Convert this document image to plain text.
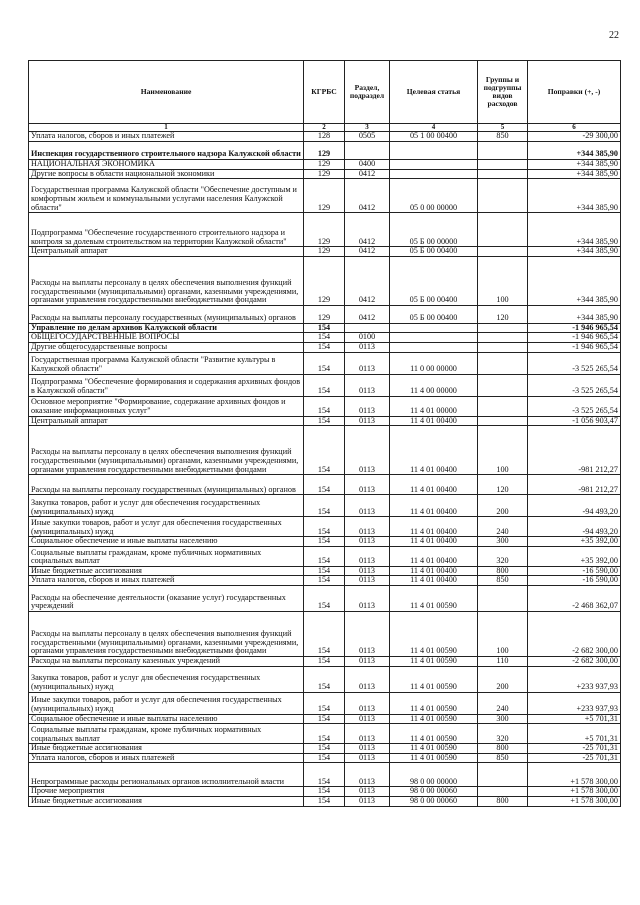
22
Наименование	КГРБС	Раздел, подраздел	Целевая статья	Группы и подгруппы видов расходов	Поправки (+, -)
1	2	3	4	5	6
Уплата налогов, сборов и иных платежей	128	0505	05 1 00 00400	850	-29 300,00
Инспекция государственного строительного надзора Калужской области	129				+344 385,90
НАЦИОНАЛЬНАЯ ЭКОНОМИКА	129	0400			+344 385,90
Другие вопросы в области национальной экономики	129	0412			+344 385,90
Государственная программа Калужской области "Обеспечение доступным и комфортным жильем и коммунальными услугами населения Калужской области"	129	0412	05 0 00 00000		+344 385,90
Подпрограмма "Обеспечение государственного строительного надзора и контроля за долевым строительством на территории Калужской области"	129	0412	05 Б 00 00000		+344 385,90
Центральный аппарат	129	0412	05 Б 00 00400		+344 385,90
Расходы на выплаты персоналу в целях обеспечения выполнения функций государственными (муниципальными) органами, казенными учреждениями, органами управления государственными внебюджетными фондами	129	0412	05 Б 00 00400	100	+344 385,90
Расходы на выплаты персоналу государственных (муниципальных) органов	129	0412	05 Б 00 00400	120	+344 385,90
Управление по делам архивов Калужской области	154				-1 946 965,54
ОБЩЕГОСУДАРСТВЕННЫЕ ВОПРОСЫ	154	0100			-1 946 965,54
Другие общегосударственные вопросы	154	0113			-1 946 965,54
Государственная программа Калужской области "Развитие культуры в Калужской области"	154	0113	11 0 00 00000		-3 525 265,54
Подпрограмма "Обеспечение формирования и содержания архивных фондов в Калужской области"	154	0113	11 4 00 00000		-3 525 265,54
Основное мероприятие "Формирование, содержание архивных фондов и оказание информационных услуг"	154	0113	11 4 01 00000		-3 525 265,54
Центральный аппарат	154	0113	11 4 01 00400		-1 056 903,47
Расходы на выплаты персоналу в целях обеспечения выполнения функций государственными (муниципальными) органами, казенными учреждениями, органами управления государственными внебюджетными фондами	154	0113	11 4 01 00400	100	-981 212,27
Расходы на выплаты персоналу государственных (муниципальных) органов	154	0113	11 4 01 00400	120	-981 212,27
Закупка товаров, работ и услуг для обеспечения государственных (муниципальных) нужд	154	0113	11 4 01 00400	200	-94 493,20
Иные закупки товаров, работ и услуг для обеспечения государственных (муниципальных) нужд	154	0113	11 4 01 00400	240	-94 493,20
Социальное обеспечение и иные выплаты населению	154	0113	11 4 01 00400	300	+35 392,00
Социальные выплаты гражданам, кроме публичных нормативных социальных выплат	154	0113	11 4 01 00400	320	+35 392,00
Иные бюджетные ассигнования	154	0113	11 4 01 00400	800	-16 590,00
Уплата налогов, сборов и иных платежей	154	0113	11 4 01 00400	850	-16 590,00
Расходы на обеспечение деятельности (оказание услуг) государственных учреждений	154	0113	11 4 01 00590		-2 468 362,07
Расходы на выплаты персоналу в целях обеспечения выполнения функций государственными (муниципальными) органами, казенными учреждениями, органами управления государственными внебюджетными фондами	154	0113	11 4 01 00590	100	-2 682 300,00
Расходы на выплаты персоналу казенных учреждений	154	0113	11 4 01 00590	110	-2 682 300,00
Закупка товаров, работ и услуг для обеспечения государственных (муниципальных) нужд	154	0113	11 4 01 00590	200	+233 937,93
Иные закупки товаров, работ и услуг для обеспечения государственных (муниципальных) нужд	154	0113	11 4 01 00590	240	+233 937,93
Социальное обеспечение и иные выплаты населению	154	0113	11 4 01 00590	300	+5 701,31
Социальные выплаты гражданам, кроме публичных нормативных социальных выплат	154	0113	11 4 01 00590	320	+5 701,31
Иные бюджетные ассигнования	154	0113	11 4 01 00590	800	-25 701,31
Уплата налогов, сборов и иных платежей	154	0113	11 4 01 00590	850	-25 701,31
Непрограммные расходы региональных органов исполнительной власти	154	0113	98 0 00 00000		+1 578 300,00
Прочие мероприятия	154	0113	98 0 00 00060		+1 578 300,00
Иные бюджетные ассигнования	154	0113	98 0 00 00060	800	+1 578 300,00
